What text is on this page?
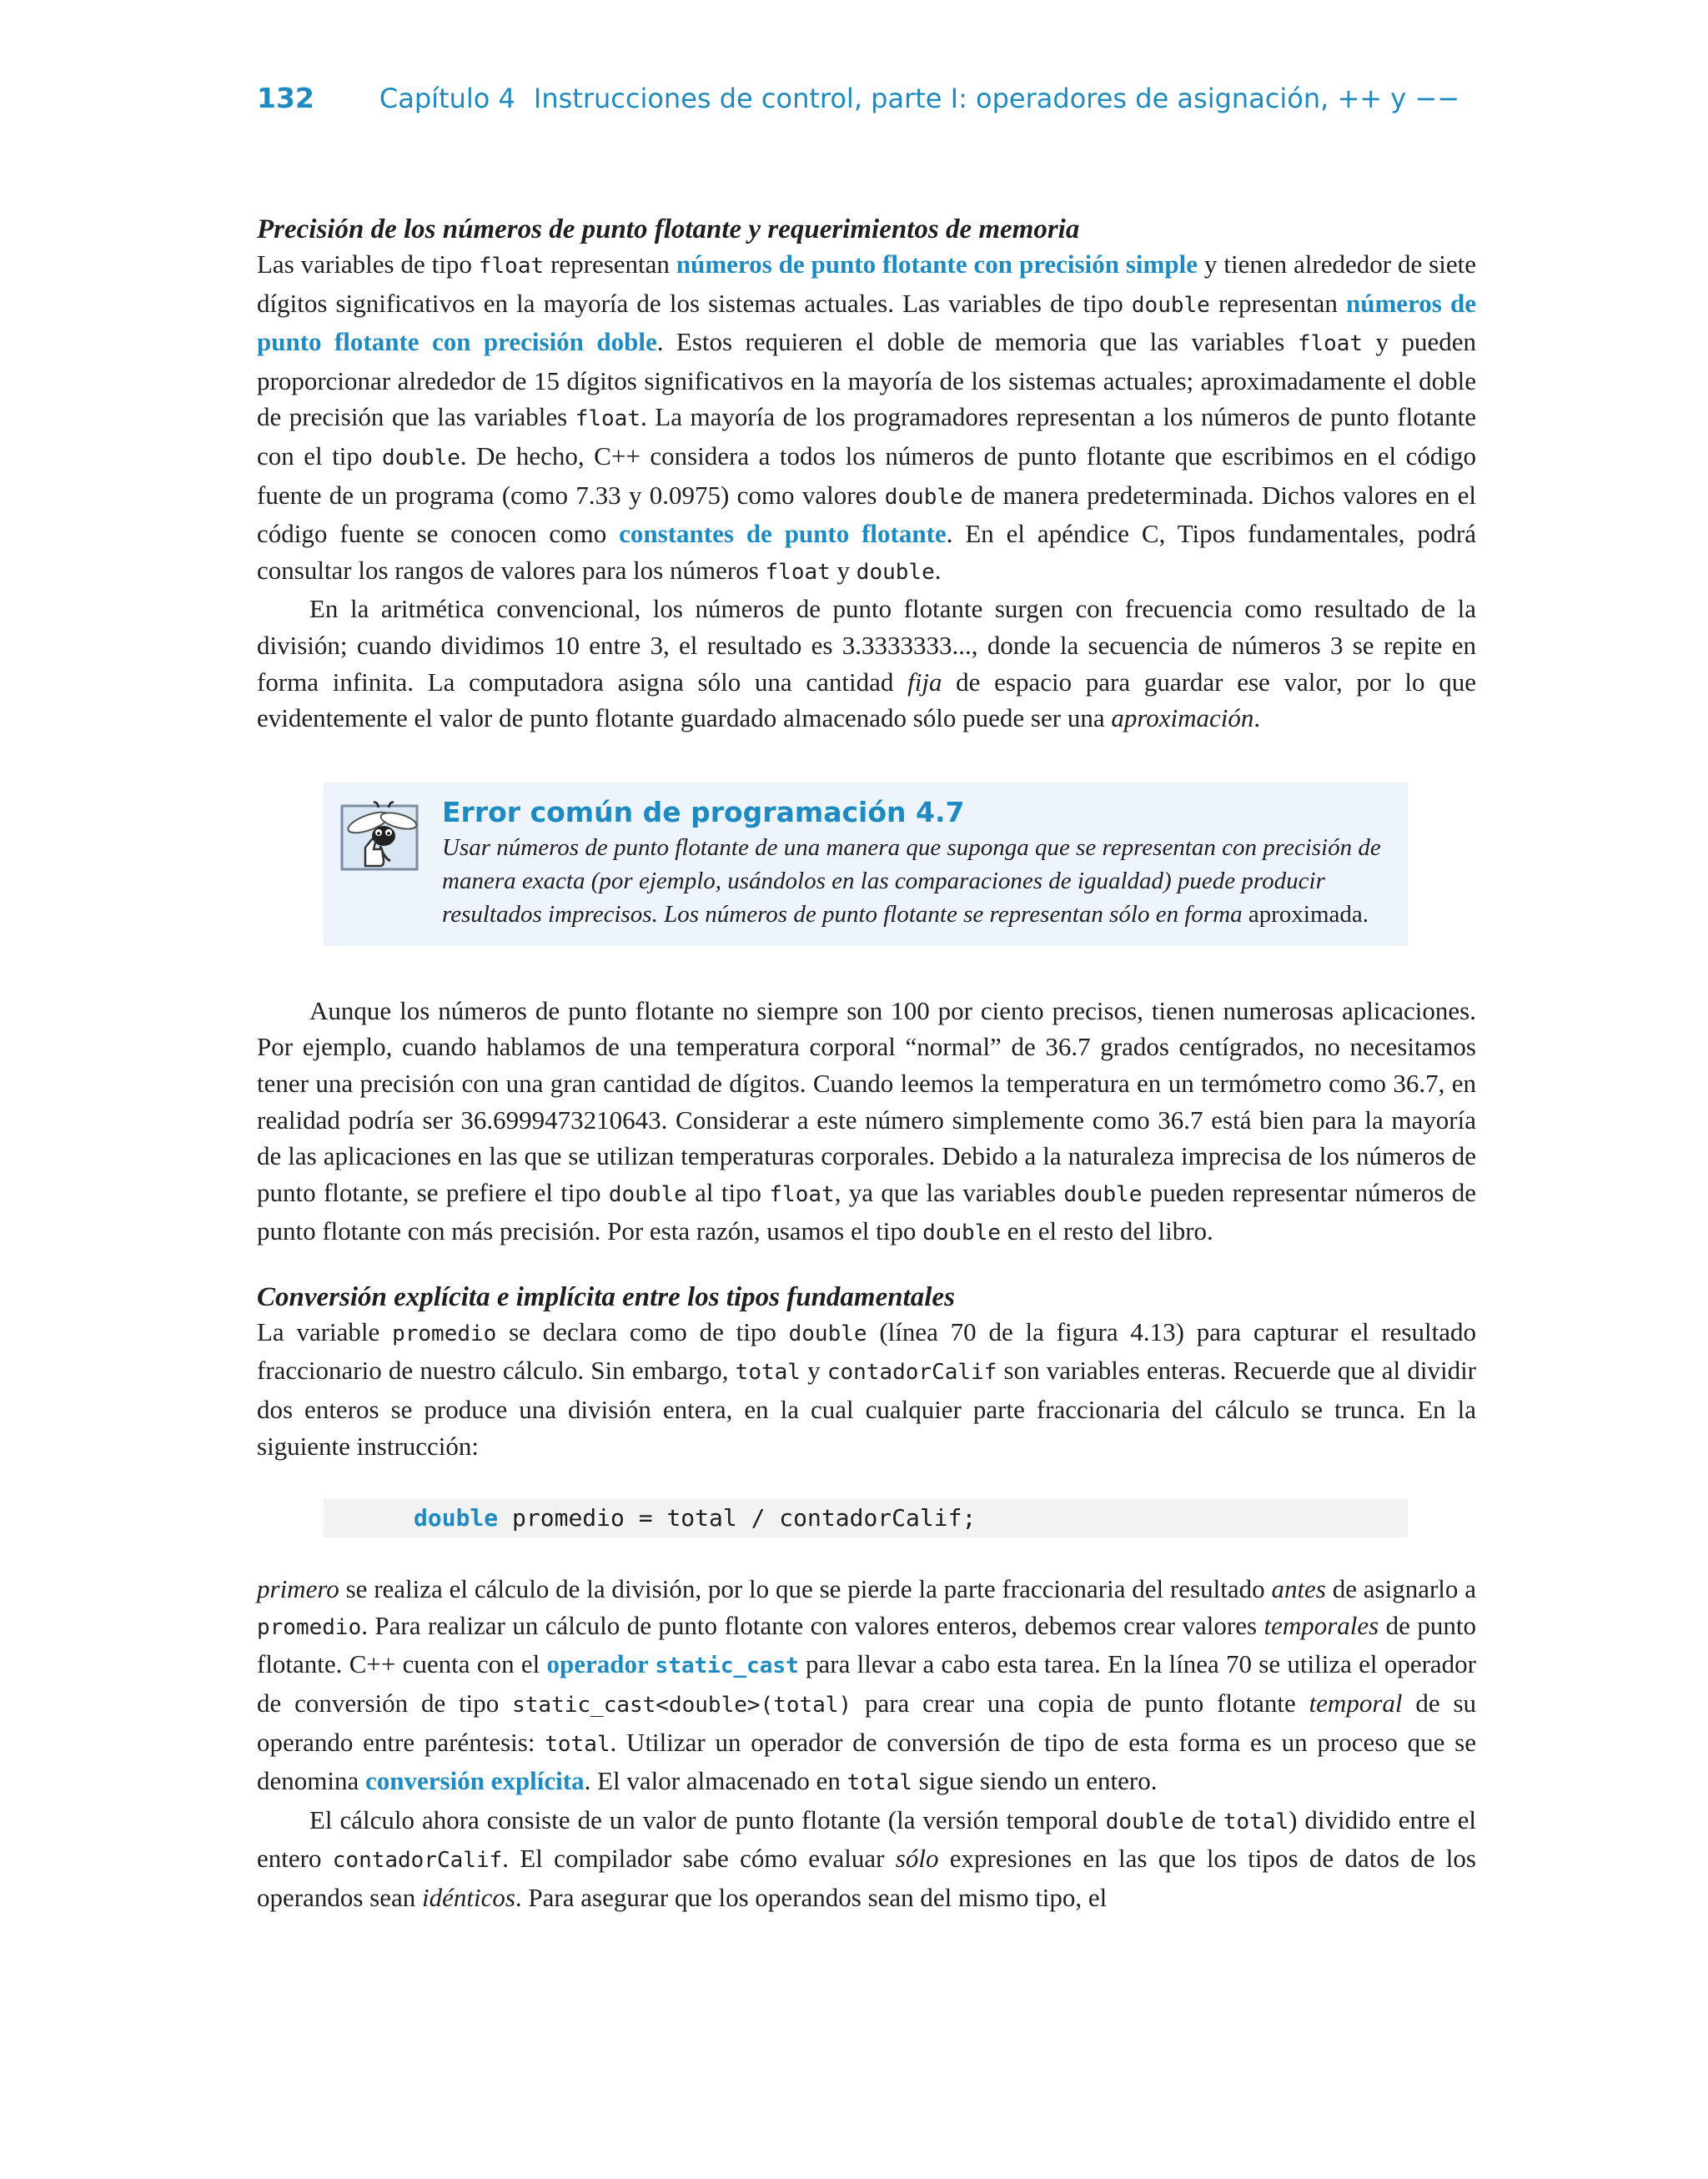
132 Capítulo 4 Instrucciones de control, parte I: operadores de asignación, ++ y −−
Precisión de los números de punto flotante y requerimientos de memoria

Las variables de tipo float representan números de punto flotante con precisión simple y tienen alrededor de siete dígitos significativos en la mayoría de los sistemas actuales. Las variables de tipo double representan números de punto flotante con precisión doble. Estos requieren el doble de memoria que las variables float y pueden proporcionar alrededor de 15 dígitos significativos en la mayoría de los sistemas actuales; aproximadamente el doble de precisión que las variables float. La mayoría de los programadores representan a los números de punto flotante con el tipo double. De hecho, C++ considera a todos los números de punto flotante que escribimos en el código fuente de un programa (como 7.33 y 0.0975) como valores double de manera predeterminada. Dichos valores en el código fuente se conocen como constantes de punto flotante. En el apéndice C, Tipos fundamentales, podrá consultar los rangos de valores para los números float y double.

En la aritmética convencional, los números de punto flotante surgen con frecuencia como resultado de la división; cuando dividimos 10 entre 3, el resultado es 3.3333333..., donde la secuencia de números 3 se repite en forma infinita. La computadora asigna sólo una cantidad fija de espacio para guardar ese valor, por lo que evidentemente el valor de punto flotante guardado almacenado sólo puede ser una aproximación.

Error común de programación 4.7
Usar números de punto flotante de una manera que suponga que se representan con precisión de manera exacta (por ejemplo, usándolos en las comparaciones de igualdad) puede producir resultados imprecisos. Los números de punto flotante se representan sólo en forma aproximada.

Aunque los números de punto flotante no siempre son 100 por ciento precisos, tienen numerosas aplicaciones. Por ejemplo, cuando hablamos de una temperatura corporal “normal” de 36.7 grados centígrados, no necesitamos tener una precisión con una gran cantidad de dígitos. Cuando leemos la temperatura en un termómetro como 36.7, en realidad podría ser 36.6999473210643. Considerar a este número simplemente como 36.7 está bien para la mayoría de las aplicaciones en las que se utilizan temperaturas corporales. Debido a la naturaleza imprecisa de los números de punto flotante, se prefiere el tipo double al tipo float, ya que las variables double pueden representar números de punto flotante con más precisión. Por esta razón, usamos el tipo double en el resto del libro.

Conversión explícita e implícita entre los tipos fundamentales

La variable promedio se declara como de tipo double (línea 70 de la figura 4.13) para capturar el resultado fraccionario de nuestro cálculo. Sin embargo, total y contadorCalif son variables enteras. Recuerde que al dividir dos enteros se produce una división entera, en la cual cualquier parte fraccionaria del cálculo se trunca. En la siguiente instrucción:

double promedio = total / contadorCalif;

primero se realiza el cálculo de la división, por lo que se pierde la parte fraccionaria del resultado antes de asignarlo a promedio. Para realizar un cálculo de punto flotante con valores enteros, debemos crear valores temporales de punto flotante. C++ cuenta con el operador static_cast para llevar a cabo esta tarea. En la línea 70 se utiliza el operador de conversión de tipo static_cast<double>(total) para crear una copia de punto flotante temporal de su operando entre paréntesis: total. Utilizar un operador de conversión de tipo de esta forma es un proceso que se denomina conversión explícita. El valor almacenado en total sigue siendo un entero.

El cálculo ahora consiste de un valor de punto flotante (la versión temporal double de total) dividido entre el entero contadorCalif. El compilador sabe cómo evaluar sólo expresiones en las que los tipos de datos de los operandos sean idénticos. Para asegurar que los operandos sean del mismo tipo, el
